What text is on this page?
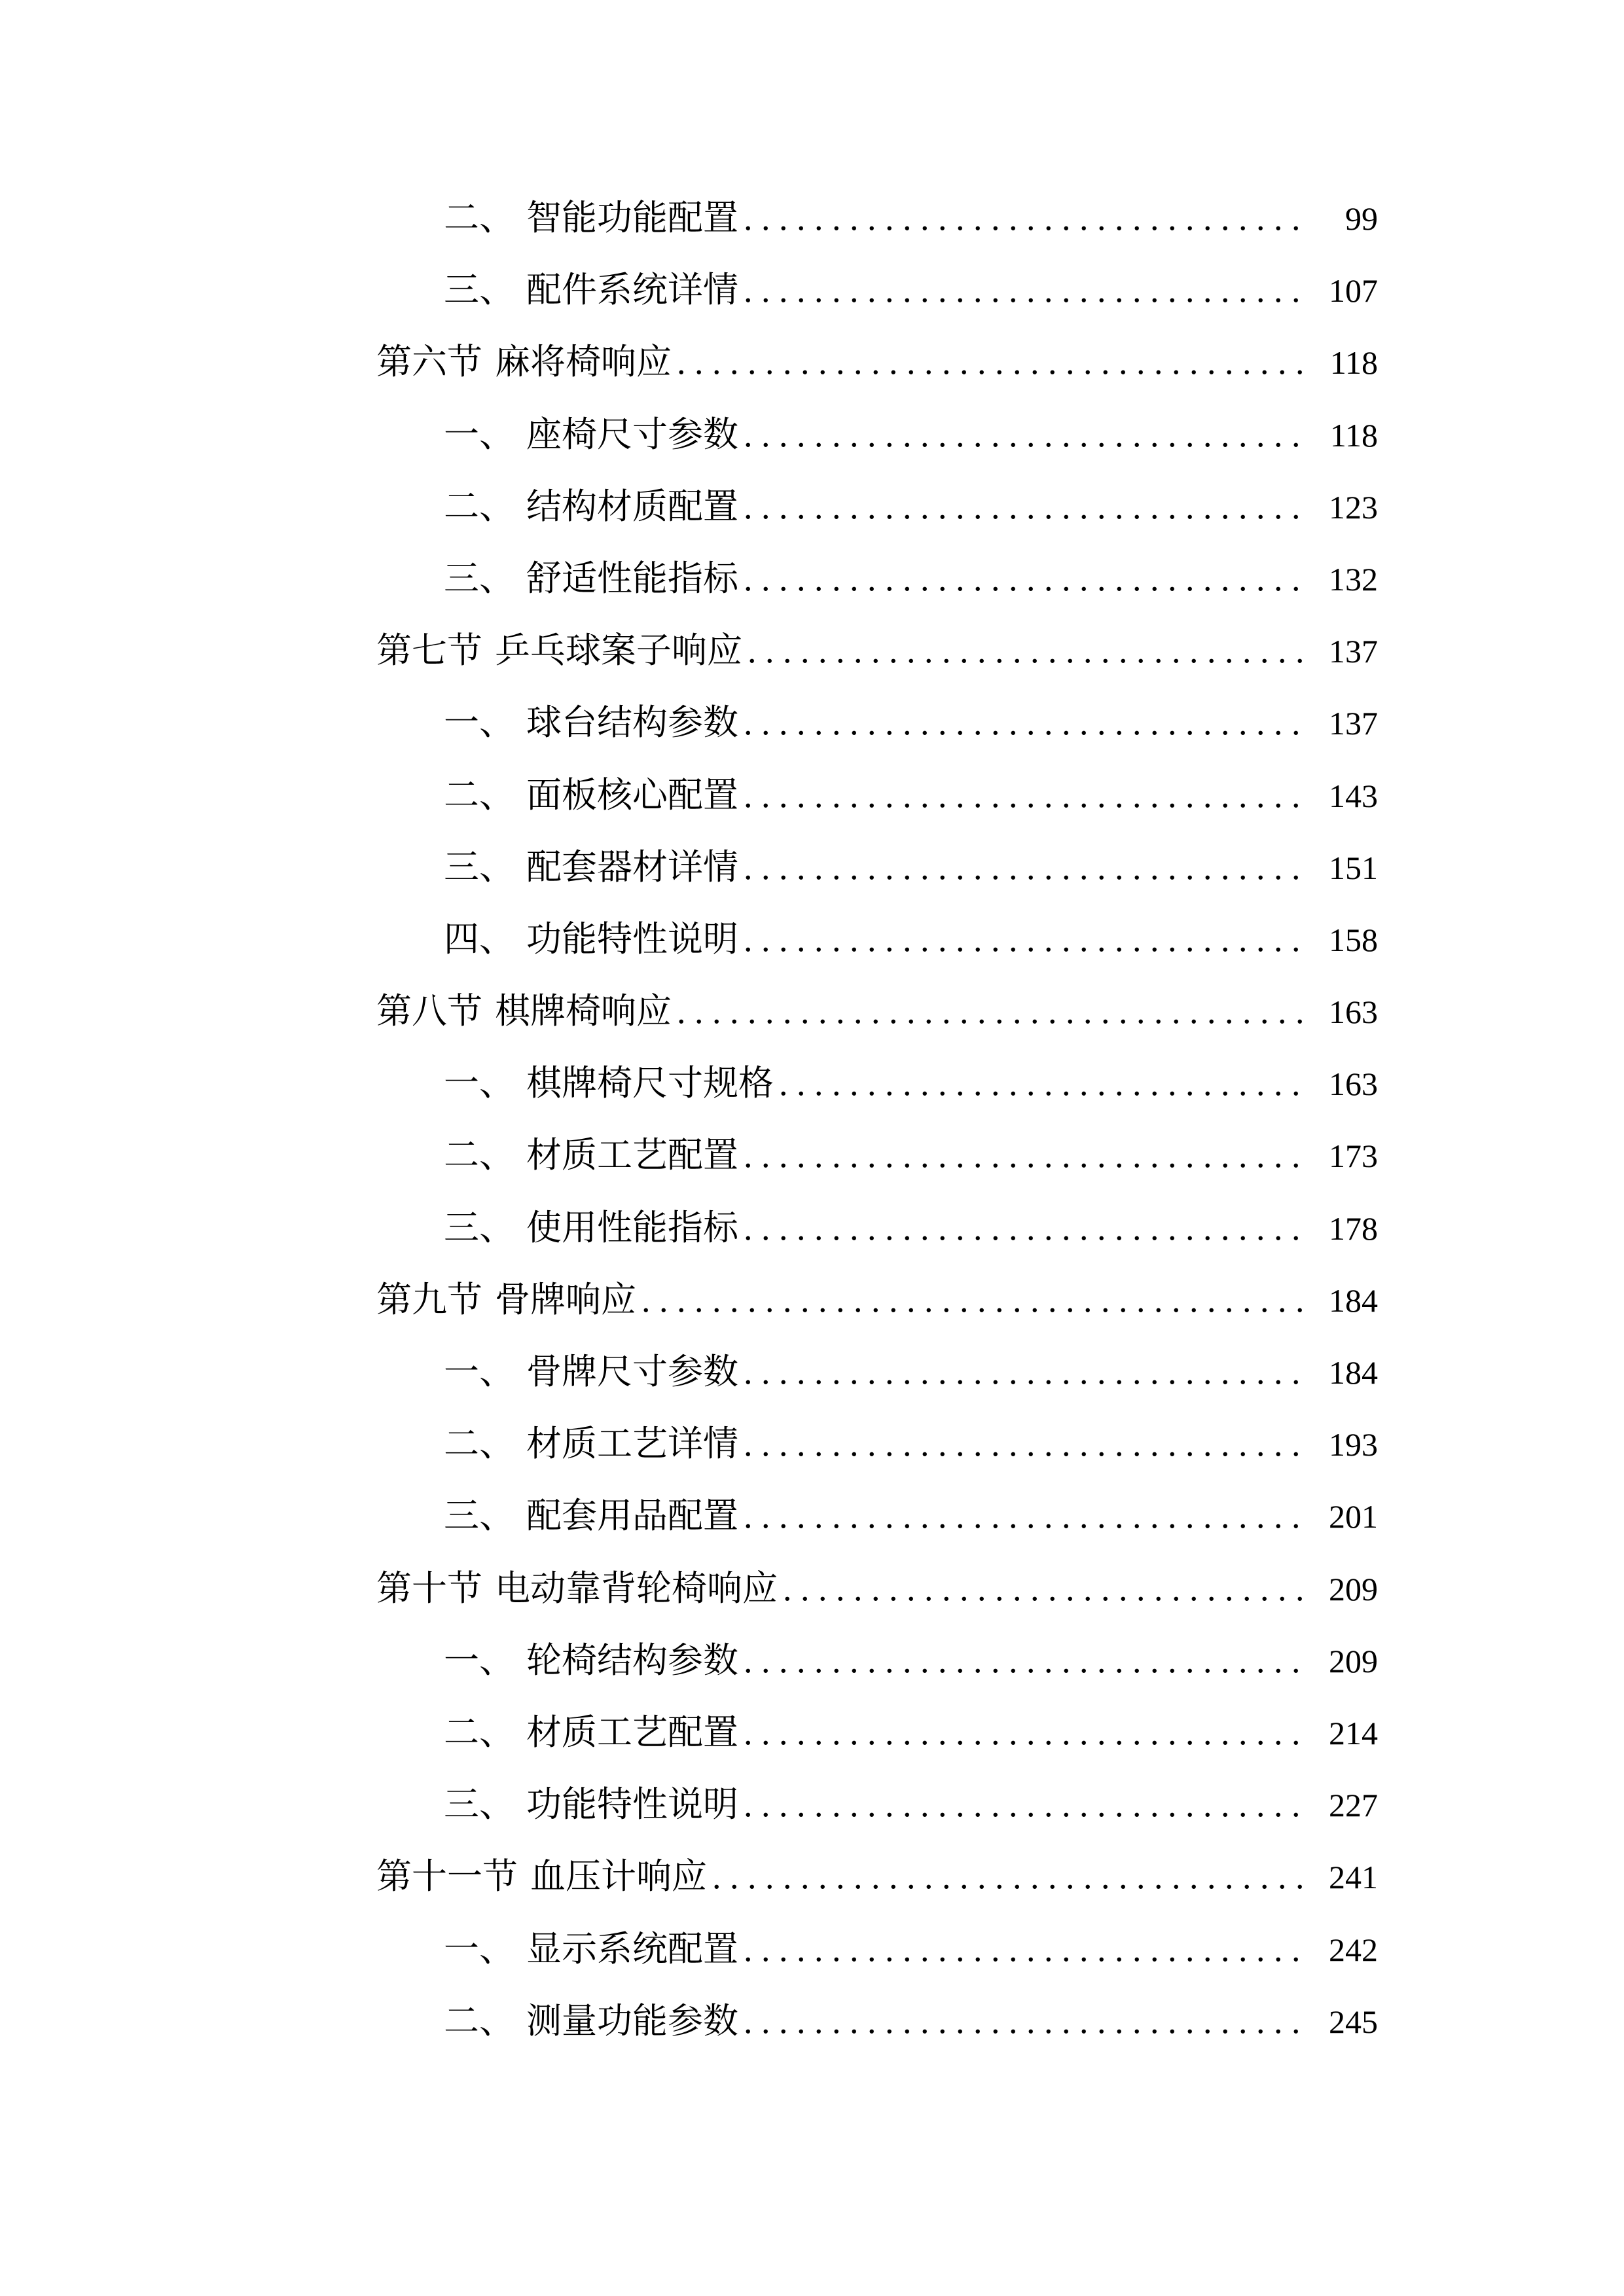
二、 智能功能配置 . . .	99
三、 配件系统详情 . . .	107
第六节 麻将椅响应 . . .	118
一、 座椅尺寸参数 . . .	118
二、 结构材质配置 . . .	123
三、 舒适性能指标 . . .	132
第七节 乒乓球案子响应 . . .	137
一、 球台结构参数 . . .	137
二、 面板核心配置 . . .	143
三、 配套器材详情 . . .	151
四、 功能特性说明 . . .	158
第八节 棋牌椅响应 . . .	163
一、 棋牌椅尺寸规格 . . .	163
二、 材质工艺配置 . . .	173
三、 使用性能指标 . . .	178
第九节 骨牌响应 . . .	184
一、 骨牌尺寸参数 . . .	184
二、 材质工艺详情 . . .	193
三、 配套用品配置 . . .	201
第十节 电动靠背轮椅响应 . . .	209
一、 轮椅结构参数 . . .	209
二、 材质工艺配置 . . .	214
三、 功能特性说明 . . .	227
第十一节 血压计响应 . . .	241
一、 显示系统配置 . . .	242
二、 测量功能参数 . . .	245
